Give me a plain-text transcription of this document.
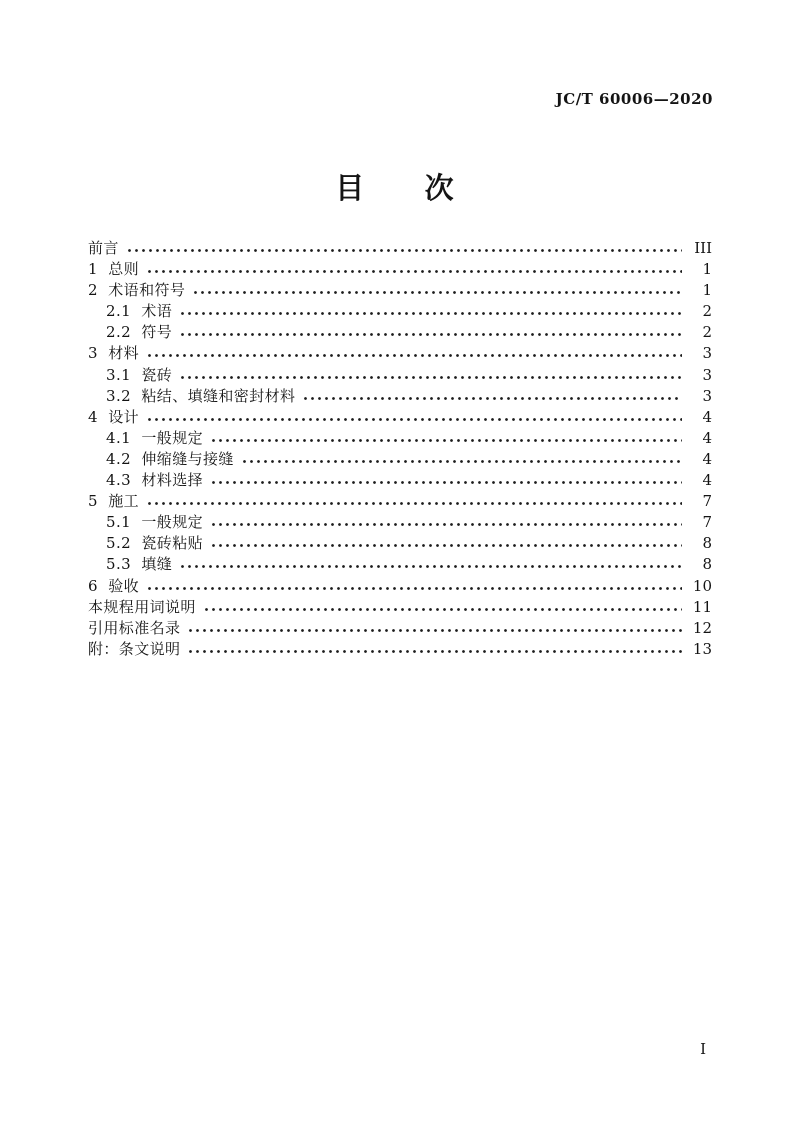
JC/T 60006—2020
目    次
前言	III
1  总则	1
2  术语和符号	1
2.1  术语	2
2.2  符号	2
3  材料	3
3.1  瓷砖	3
3.2  粘结、填缝和密封材料	3
4  设计	4
4.1  一般规定	4
4.2  伸缩缝与接缝	4
4.3  材料选择	4
5  施工	7
5.1  一般规定	7
5.2  瓷砖粘贴	8
5.3  填缝	8
6  验收	10
本规程用词说明	11
引用标准名录	12
附：条文说明	13
I
